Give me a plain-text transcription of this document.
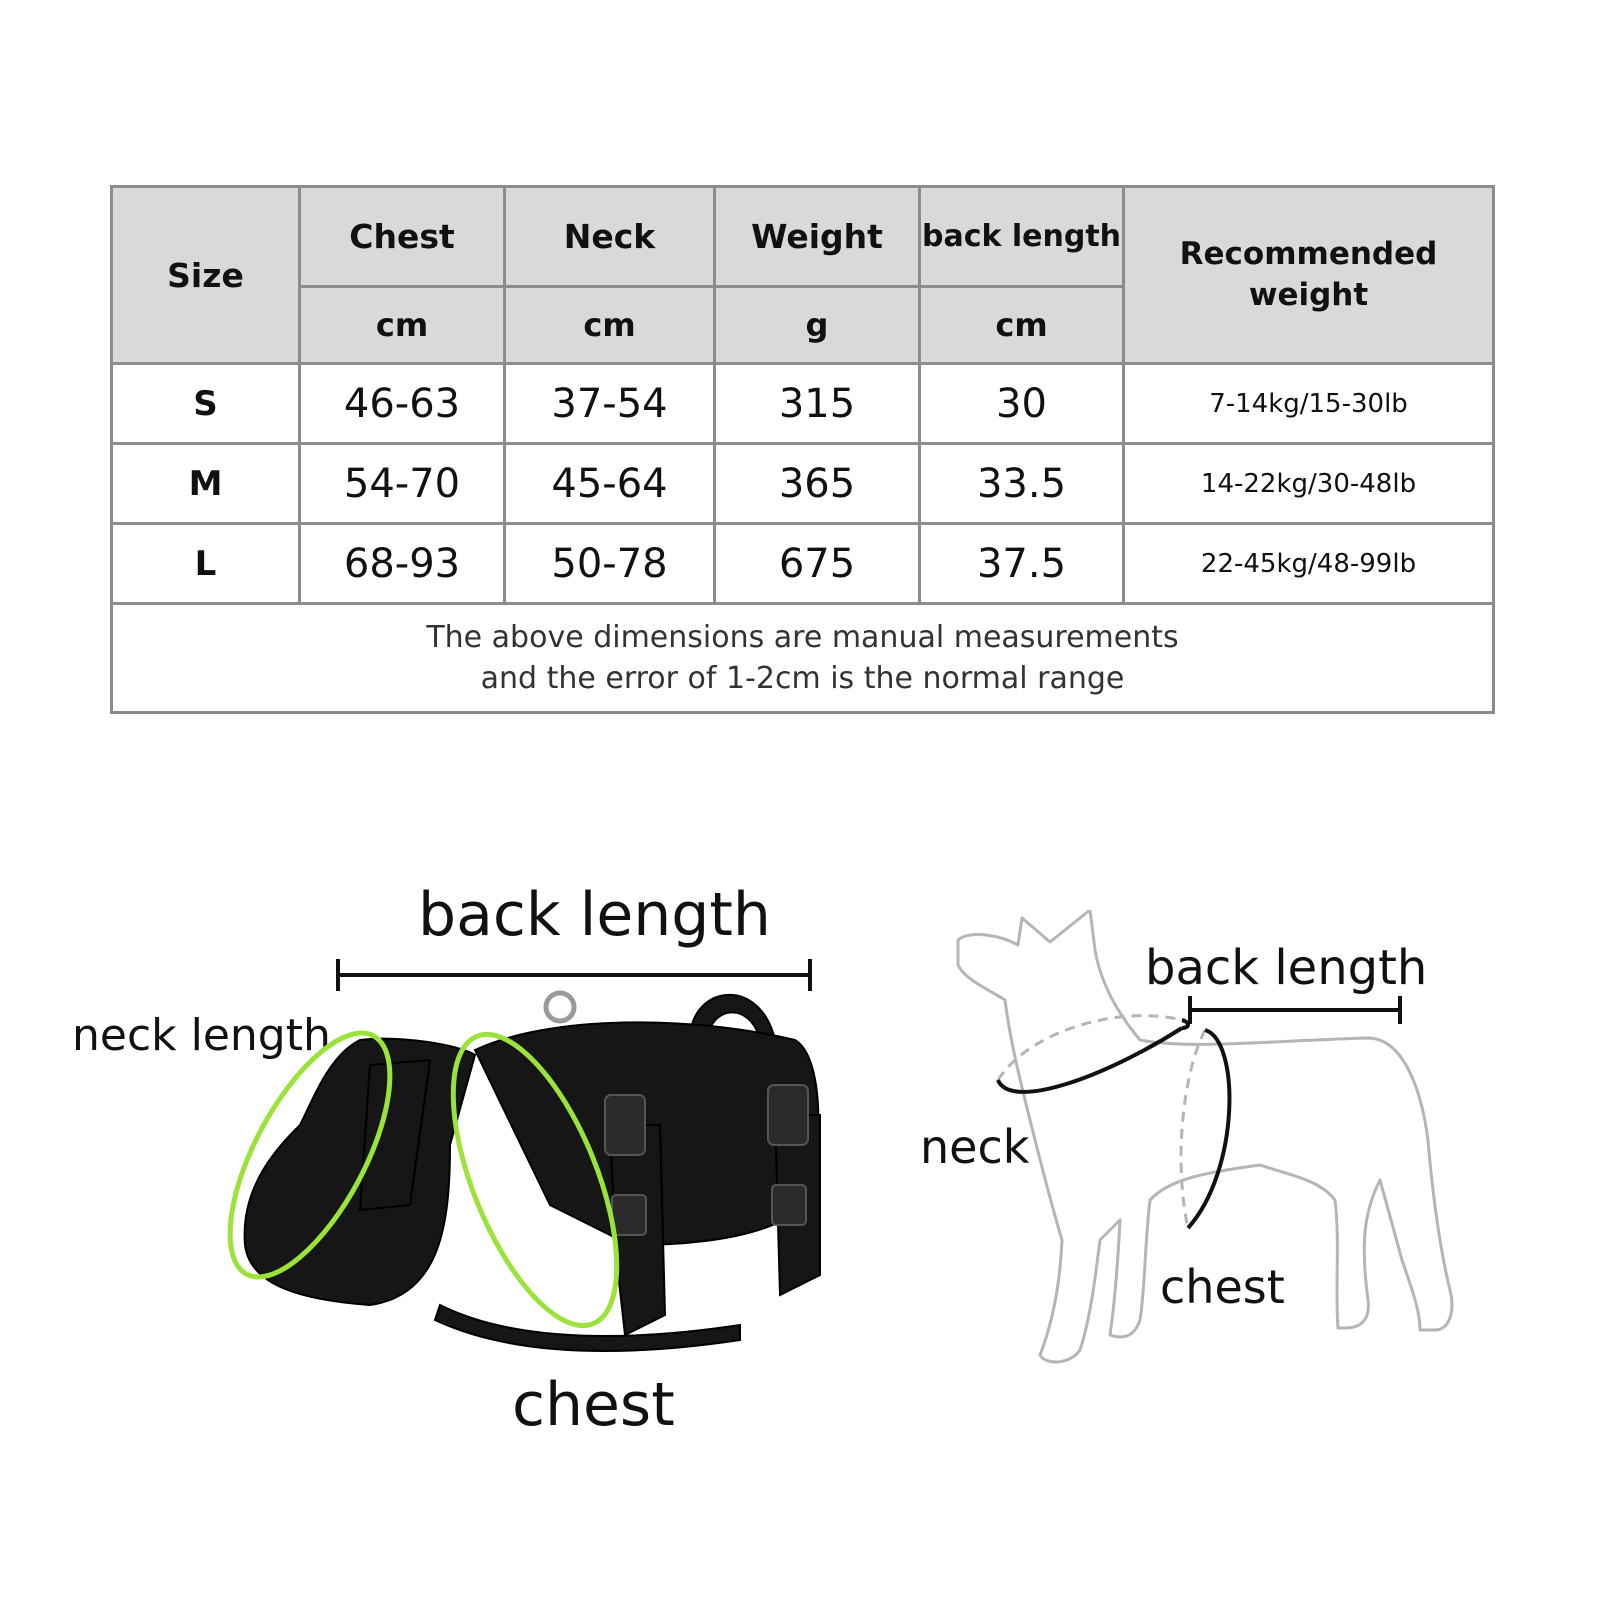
Size	Chest	Neck	Weight	back length	Recommended
weight

	cm	cm	g	cm	
S	46-63	37-54	315	30	7-14kg/15-30lb
M	54-70	45-64	365	33.5	14-22kg/30-48lb
L	68-93	50-78	675	37.5	22-45kg/48-99lb

The above dimensions are manual measurements
and the error of 1-2cm is the normal range					
back length
neck length
chest
back length
neck
chest
